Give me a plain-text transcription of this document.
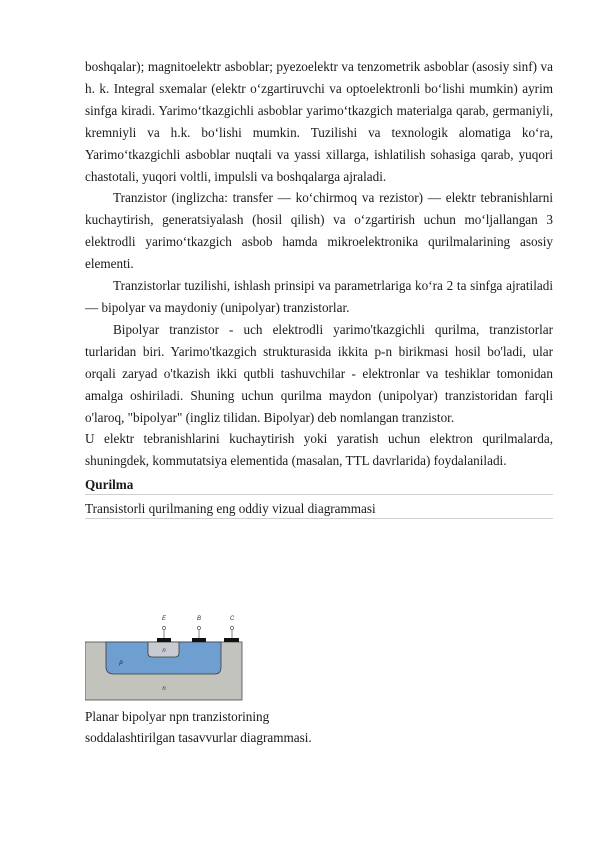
boshqalar); magnitoelektr asboblar; pyezoelektr va tenzometrik asboblar (asosiy sinf) va h. k. Integral sxemalar (elektr o‘zgartiruvchi va optoelektronli bo‘lishi mumkin) ayrim sinfga kiradi. Yarimo‘tkazgichli asboblar yarimo‘tkazgich materialga qarab, germaniyli, kremniyli va h.k. bo‘lishi mumkin. Tuzilishi va texnologik alomatiga ko‘ra, Yarimo‘tkazgichli asboblar nuqtali va yassi xillarga, ishlatilish sohasiga qarab, yuqori chastotali, yuqori voltli, impulsli va boshqalarga ajraladi.

Tranzistor (inglizcha: transfer — ko‘chirmoq va rezistor) — elektr tebranishlarni kuchaytirish, generatsiyalash (hosil qilish) va o‘zgartirish uchun mo‘ljallangan 3 elektrodli yarimo‘tkazgich asbob hamda mikroelektronika qurilmalarining asosiy elementi.

Tranzistorlar tuzilishi, ishlash prinsipi va parametrlariga ko‘ra 2 ta sinfga ajratiladi — bipolyar va maydoniy (unipolyar) tranzistorlar.

Bipolyar tranzistor - uch elektrodli yarimo'tkazgichli qurilma, tranzistorlar turlaridan biri. Yarimo'tkazgich strukturasida ikkita p-n birikmasi hosil bo'ladi, ular orqali zaryad o'tkazish ikki qutbli tashuvchilar - elektronlar va teshiklar tomonidan amalga oshiriladi. Shuning uchun qurilma maydon (unipolyar) tranzistoridan farqli o'laroq, "bipolyar" (ingliz tilidan. Bipolyar) deb nomlangan tranzistor.

U elektr tebranishlarini kuchaytirish yoki yaratish uchun elektron qurilmalarda, shuningdek, kommutatsiya elementida (masalan, TTL davrlarida) foydalaniladi.

Qurilma
Transistorli qurilmaning eng oddiy vizual diagrammasi
E	B	C
n
p
n
Planar bipolyar npn tranzistorining
soddalashtirilgan tasavvurlar diagrammasi.
